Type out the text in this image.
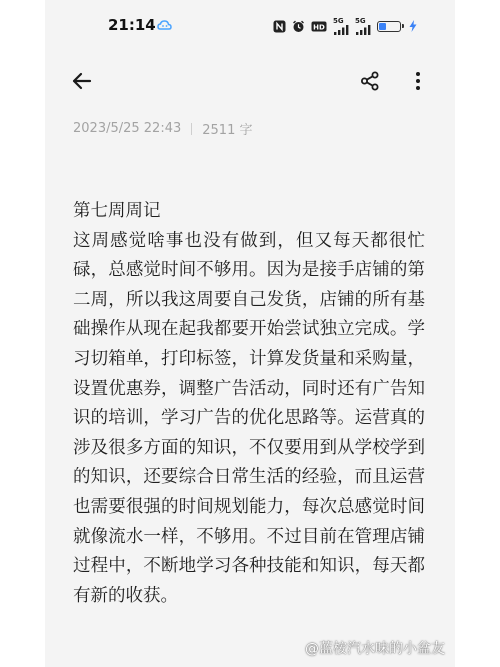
21:14	HD
5G 5G
2023/5/25 22:43 2511 字
第七周周记
这周感觉啥事也没有做到，但又每天都很忙碌，总感觉时间不够用。因为是接手店铺的第二周，所以我这周要自己发货，店铺的所有基础操作从现在起我都要开始尝试独立完成。学习切箱单，打印标签，计算发货量和采购量，设置优惠券，调整广告活动，同时还有广告知识的培训，学习广告的优化思路等。运营真的涉及很多方面的知识，不仅要用到从学校学到的知识，还要综合日常生活的经验，而且运营也需要很强的时间规划能力，每次总感觉时间就像流水一样，不够用。不过目前在管理店铺过程中，不断地学习各种技能和知识，每天都有新的收获。
@蓝桉汽水味的小盆友
